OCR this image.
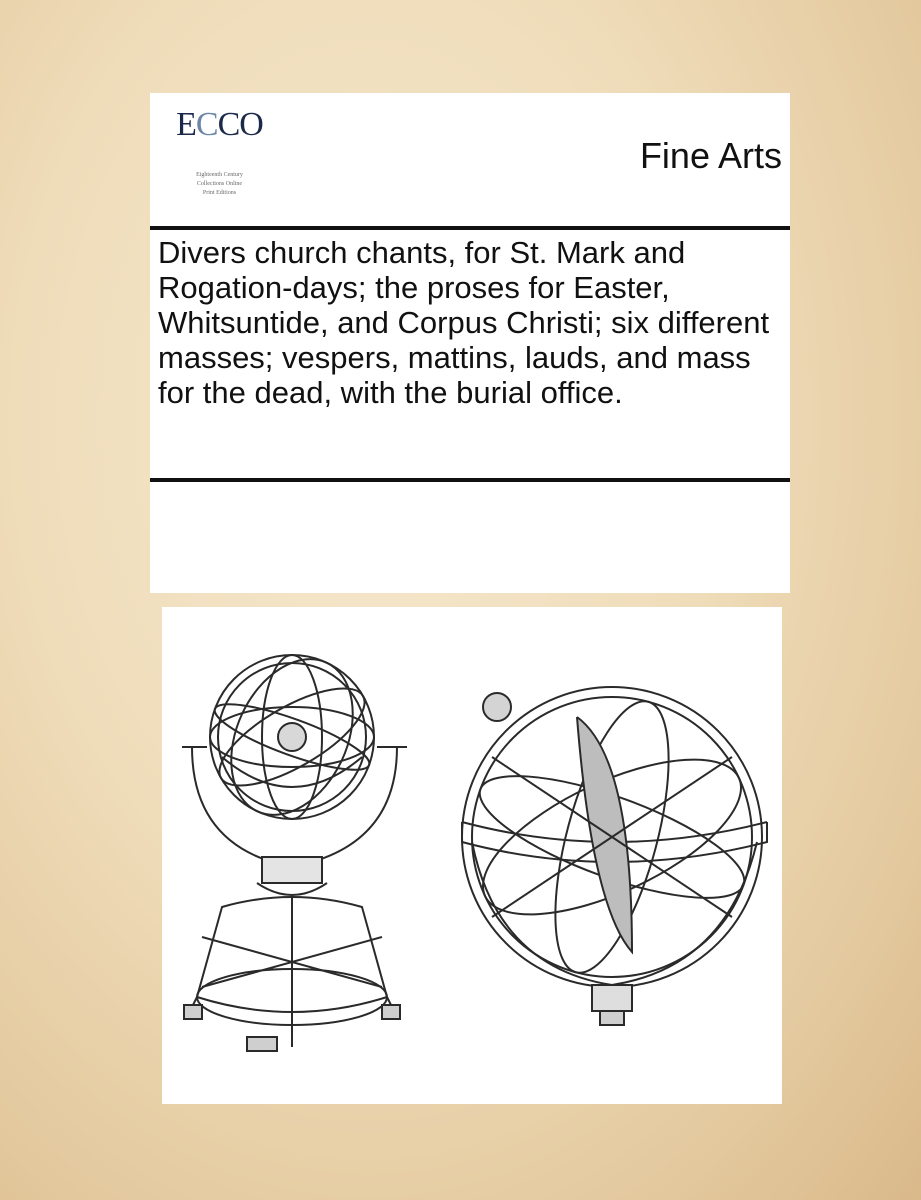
ECCO

Eighteenth Century
Collections Online
Print Editions
Fine Arts
Divers church chants, for St. Mark and Rogation-days; the proses for Easter, Whitsuntide, and Corpus Christi; six different masses; vespers, mattins, lauds, and mass for the dead, with the burial office.
